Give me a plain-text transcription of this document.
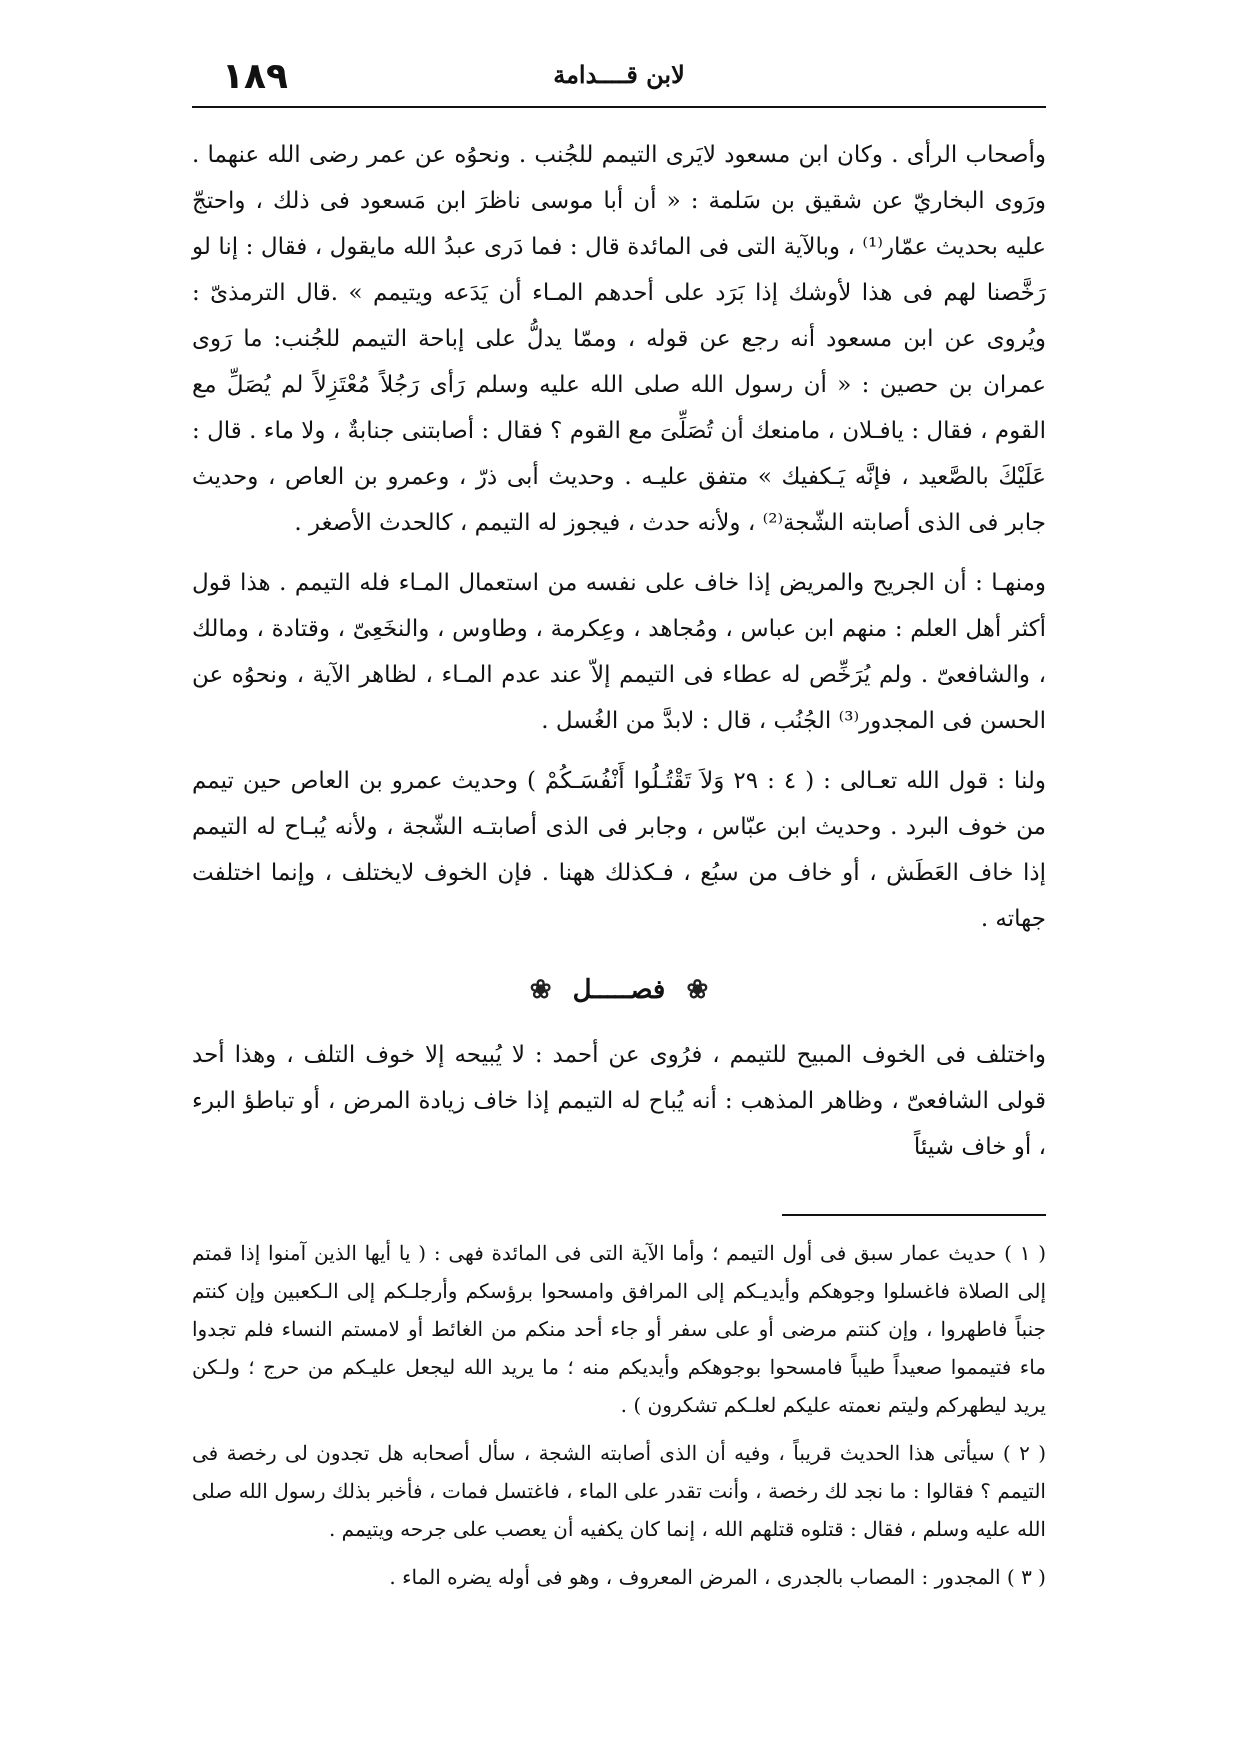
١٨٩	لابن قــــدامة

وأصحاب الرأى . وكان ابن مسعود لايَرى التيمم للجُنب . ونحوُه عن عمر رضى الله عنهما . ورَوى البخاريّ عن شقيق بن سَلمة : « أن أبا موسى ناظرَ ابن مَسعود فى ذلك ، واحتجّ عليه بحديث عمّار⁽¹⁾ ، وبالآية التى فى المائدة قال : فما دَرى عبدُ الله مايقول ، فقال : إنا لو رَخَّصنا لهم فى هذا لأوشك إذا بَرَد على أحدهم المـاء أن يَدَعه ويتيمم » .قال الترمذىّ : ويُروى عن ابن مسعود أنه رجع عن قوله ، وممّا يدلُّ على إباحة التيمم للجُنب: ما رَوى عمران بن حصين : « أن رسول الله صلى الله عليه وسلم رَأى رَجُلاً مُعْتَزِلاً لم يُصَلِّ مع القوم ، فقال : يافـلان ، مامنعك أن تُصَلِّىَ مع القوم ؟ فقال : أصابتنى جنابةٌ ، ولا ماء . قال : عَلَيْكَ بالصَّعيد ، فإنَّه يَـكفيك » متفق عليـه . وحديث أبى ذرّ ، وعمرو بن العاص ، وحديث جابر فى الذى أصابته الشّجة⁽²⁾ ، ولأنه حدث ، فيجوز له التيمم ، كالحدث الأصغر .

ومنهـا : أن الجريح والمريض إذا خاف على نفسه من استعمال المـاء فله التيمم . هذا قول أكثر أهل العلم : منهم ابن عباس ، ومُجاهد ، وعِكرمة ، وطاوس ، والنخَعِىّ ، وقتادة ، ومالك ، والشافعىّ . ولم يُرَخِّص له عطاء فى التيمم إلاّ عند عدم المـاء ، لظاهر الآية ، ونحوُه عن الحسن فى المجدور⁽³⁾ الجُنُب ، قال : لابدَّ من الغُسل .

ولنا : قول الله تعـالى : ( ٤ : ٢٩ وَلاَ تَقْتُـلُوا أَنْفُسَـكُمْ ) وحديث عمرو بن العاص حين تيمم من خوف البرد . وحديث ابن عبّاس ، وجابر فى الذى أصابتـه الشّجة ، ولأنه يُبـاح له التيمم إذا خاف العَطَش ، أو خاف من سبُع ، فـكذلك ههنا . فإن الخوف لايختلف ، وإنما اختلفت جهاته .

❀ فصـــــل ❀

واختلف فى الخوف المبيح للتيمم ، فرُوى عن أحمد : لا يُبيحه إلا خوف التلف ، وهذا أحد قولى الشافعىّ ، وظاهر المذهب : أنه يُباح له التيمم إذا خاف زيادة المرض ، أو تباطؤ البرء ، أو خاف شيئاً

( ١ ) حديث عمار سبق فى أول التيمم ؛ وأما الآية التى فى المائدة فهى : ( يا أيها الذين آمنوا إذا قمتم إلى الصلاة فاغسلوا وجوهكم وأيديـكم إلى المرافق وامسحوا برؤسكم وأرجلـكم إلى الـكعبين وإن كنتم جنباً فاطهروا ، وإن كنتم مرضى أو على سفر أو جاء أحد منكم من الغائط أو لامستم النساء فلم تجدوا ماء فتيمموا صعيداً طيباً فامسحوا بوجوهكم وأيديكم منه ؛ ما يريد الله ليجعل عليـكم من حرج ؛ ولـكن يريد ليطهركم وليتم نعمته عليكم لعلـكم تشكرون ) .

( ٢ ) سيأتى هذا الحديث قريباً ، وفيه أن الذى أصابته الشجة ، سأل أصحابه هل تجدون لى رخصة فى التيمم ؟ فقالوا : ما نجد لك رخصة ، وأنت تقدر على الماء ، فاغتسل فمات ، فأخبر بذلك رسول الله صلى الله عليه وسلم ، فقال : قتلوه قتلهم الله ، إنما كان يكفيه أن يعصب على جرحه ويتيمم .

( ٣ ) المجدور : المصاب بالجدرى ، المرض المعروف ، وهو فى أوله يضره الماء .
